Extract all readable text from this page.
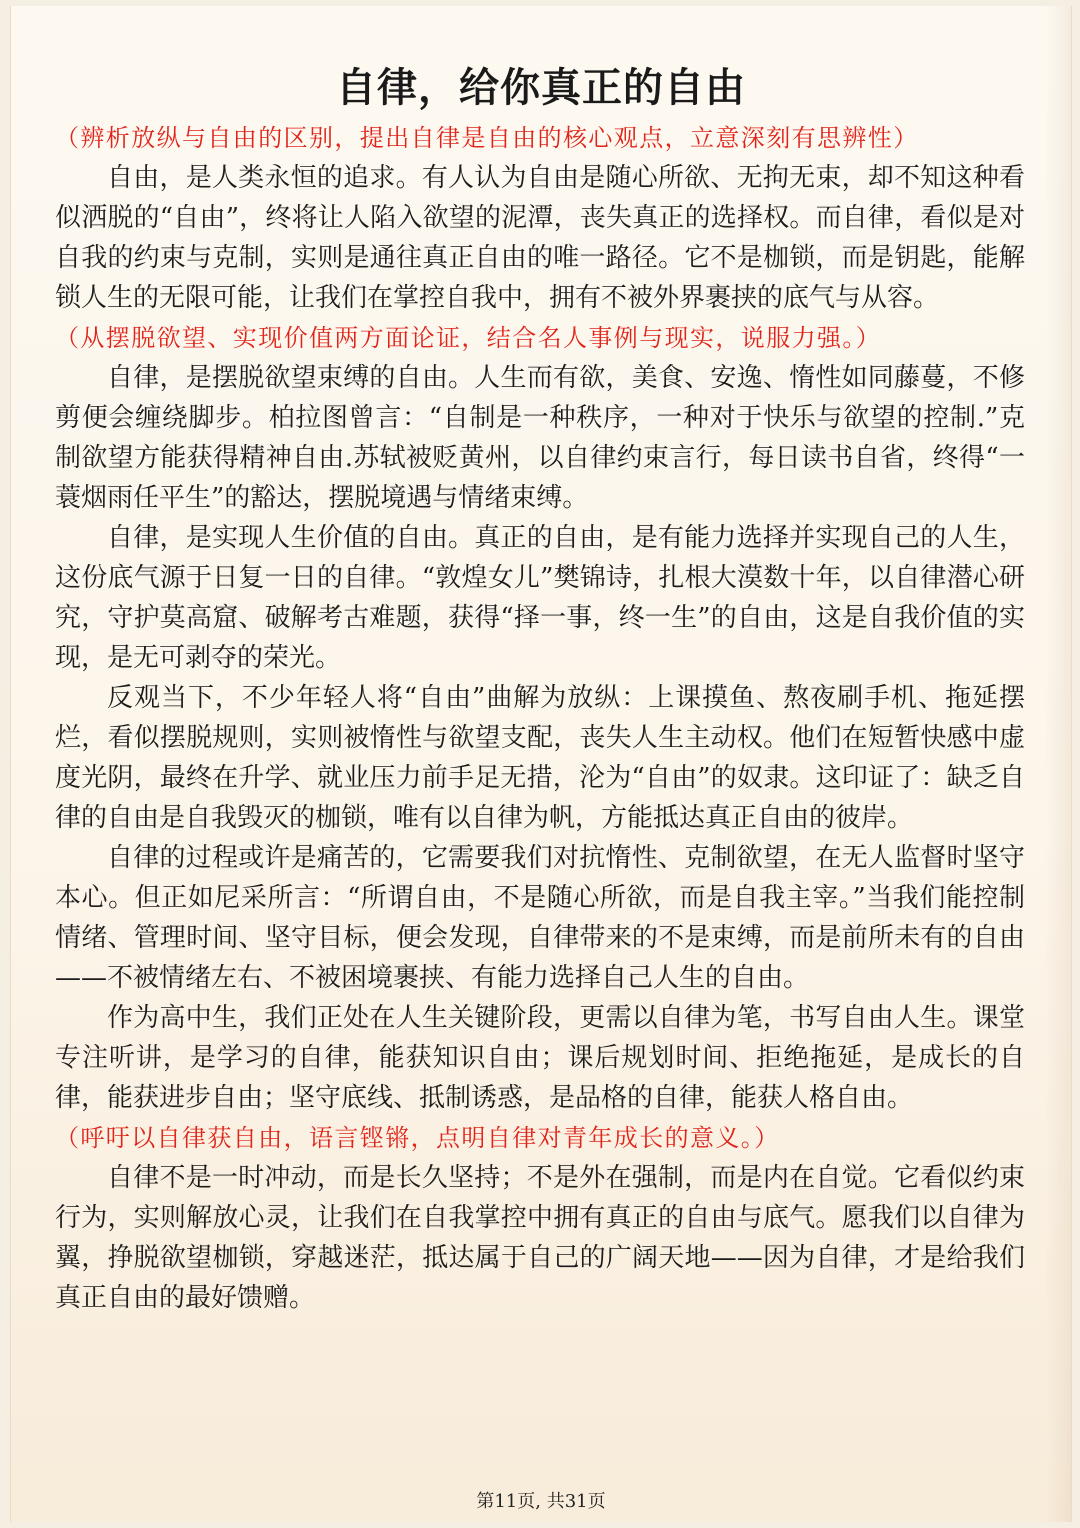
自律，给你真正的自由

（辨析放纵与自由的区别，提出自律是自由的核心观点，立意深刻有思辨性）

自由，是人类永恒的追求。有人认为自由是随心所欲、无拘无束，却不知这种看似洒脱的“自由”，终将让人陷入欲望的泥潭，丧失真正的选择权。而自律，看似是对自我的约束与克制，实则是通往真正自由的唯一路径。它不是枷锁，而是钥匙，能解锁人生的无限可能，让我们在掌控自我中，拥有不被外界裹挟的底气与从容。

（从摆脱欲望、实现价值两方面论证，结合名人事例与现实，说服力强。）

自律，是摆脱欲望束缚的自由。人生而有欲，美食、安逸、惰性如同藤蔓，不修剪便会缠绕脚步。柏拉图曾言：“自制是一种秩序，一种对于快乐与欲望的控制.”克制欲望方能获得精神自由.苏轼被贬黄州，以自律约束言行，每日读书自省，终得“一蓑烟雨任平生”的豁达，摆脱境遇与情绪束缚。

自律，是实现人生价值的自由。真正的自由，是有能力选择并实现自己的人生，这份底气源于日复一日的自律。“敦煌女儿”樊锦诗，扎根大漠数十年，以自律潜心研究，守护莫高窟、破解考古难题，获得“择一事，终一生”的自由，这是自我价值的实现，是无可剥夺的荣光。

反观当下，不少年轻人将“自由”曲解为放纵：上课摸鱼、熬夜刷手机、拖延摆烂，看似摆脱规则，实则被惰性与欲望支配，丧失人生主动权。他们在短暂快感中虚度光阴，最终在升学、就业压力前手足无措，沦为“自由”的奴隶。这印证了：缺乏自律的自由是自我毁灭的枷锁，唯有以自律为帆，方能抵达真正自由的彼岸。

自律的过程或许是痛苦的，它需要我们对抗惰性、克制欲望，在无人监督时坚守本心。但正如尼采所言：“所谓自由，不是随心所欲，而是自我主宰。”当我们能控制情绪、管理时间、坚守目标，便会发现，自律带来的不是束缚，而是前所未有的自由——不被情绪左右、不被困境裹挟、有能力选择自己人生的自由。

作为高中生，我们正处在人生关键阶段，更需以自律为笔，书写自由人生。课堂专注听讲，是学习的自律，能获知识自由；课后规划时间、拒绝拖延，是成长的自律，能获进步自由；坚守底线、抵制诱惑，是品格的自律，能获人格自由。

（呼吁以自律获自由，语言铿锵，点明自律对青年成长的意义。）

自律不是一时冲动，而是长久坚持；不是外在强制，而是内在自觉。它看似约束行为，实则解放心灵，让我们在自我掌控中拥有真正的自由与底气。愿我们以自律为翼，挣脱欲望枷锁，穿越迷茫，抵达属于自己的广阔天地——因为自律，才是给我们真正自由的最好馈赠。

第11页, 共31页
